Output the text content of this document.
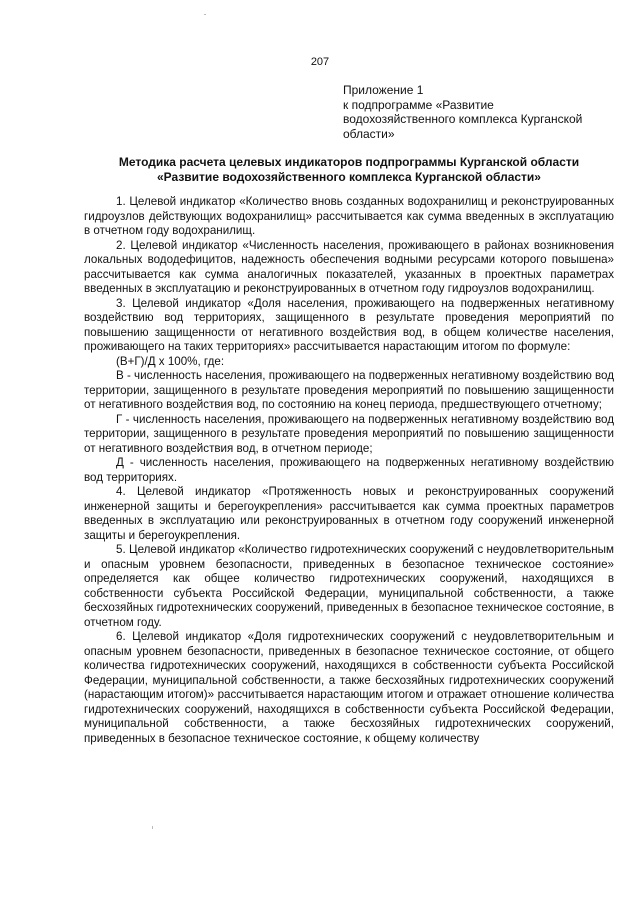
207
Приложение 1
к подпрограмме «Развитие
водохозяйственного комплекса Курганской
области»
Методика расчета целевых индикаторов подпрограммы Курганской области
«Развитие водохозяйственного комплекса Курганской области»

1. Целевой индикатор «Количество вновь созданных водохранилищ и реконструированных гидроузлов действующих водохранилищ» рассчитывается как сумма введенных в эксплуатацию в отчетном году водохранилищ.

2. Целевой индикатор «Численность населения, проживающего в районах возникновения локальных вододефицитов, надежность обеспечения водными ресурсами которого повышена» рассчитывается как сумма аналогичных показателей, указанных в проектных параметрах введенных в эксплуатацию и реконструированных в отчетном году гидроузлов водохранилищ.

3. Целевой индикатор «Доля населения, проживающего на подверженных негативному воздействию вод территориях, защищенного в результате проведения мероприятий по повышению защищенности от негативного воздействия вод, в общем количестве населения, проживающего на таких территориях» рассчитывается нарастающим итогом по формуле:

(В+Г)/Д х 100%, где:

В - численность населения, проживающего на подверженных негативному воздействию вод территории, защищенного в результате проведения мероприятий по повышению защищенности от негативного воздействия вод, по состоянию на конец периода, предшествующего отчетному;

Г - численность населения, проживающего на подверженных негативному воздействию вод территории, защищенного в результате проведения мероприятий по повышению защищенности от негативного воздействия вод, в отчетном периоде;

Д - численность населения, проживающего на подверженных негативному воздействию вод территориях.

4. Целевой индикатор «Протяженность новых и реконструированных сооружений инженерной защиты и берегоукрепления» рассчитывается как сумма проектных параметров введенных в эксплуатацию или реконструированных в отчетном году сооружений инженерной защиты и берегоукрепления.

5. Целевой индикатор «Количество гидротехнических сооружений с неудовлетворительным и опасным уровнем безопасности, приведенных в безопасное техническое состояние» определяется как общее количество гидротехнических сооружений, находящихся в собственности субъекта Российской Федерации, муниципальной собственности, а также бесхозяйных гидротехнических сооружений, приведенных в безопасное техническое состояние, в отчетном году.

6. Целевой индикатор «Доля гидротехнических сооружений с неудовлетворительным и опасным уровнем безопасности, приведенных в безопасное техническое состояние, от общего количества гидротехнических сооружений, находящихся в собственности субъекта Российской Федерации, муниципальной собственности, а также бесхозяйных гидротехнических сооружений (нарастающим итогом)» рассчитывается нарастающим итогом и отражает отношение количества гидротехнических сооружений, находящихся в собственности субъекта Российской Федерации, муниципальной собственности, а также бесхозяйных гидротехнических сооружений, приведенных в безопасное техническое состояние, к общему количеству
